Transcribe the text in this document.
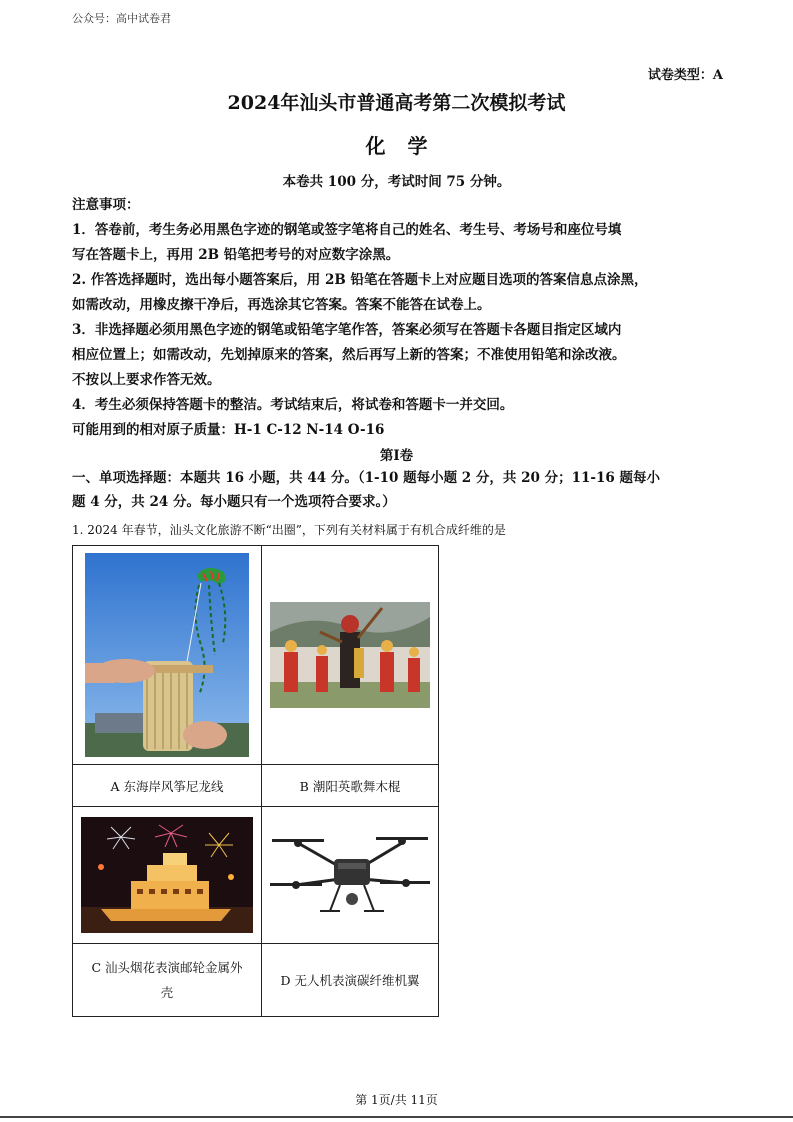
公众号：高中试卷君
试卷类型：A
2024年汕头市普通高考第二次模拟考试
化学
本卷共 100 分，考试时间 75 分钟。
注意事项：
1．答卷前，考生务必用黑色字迹的钢笔或签字笔将自己的姓名、考生号、考场号和座位号填
写在答题卡上，再用 2B 铅笔把考号的对应数字涂黑。
2. 作答选择题时，选出每小题答案后，用 2B 铅笔在答题卡上对应题目选项的答案信息点涂黑，
如需改动，用橡皮擦干净后，再选涂其它答案。答案不能答在试卷上。
3．非选择题必须用黑色字迹的钢笔或铅笔字笔作答，答案必须写在答题卡各题目指定区域内
相应位置上；如需改动，先划掉原来的答案，然后再写上新的答案；不准使用铅笔和涂改液。
不按以上要求作答无效。
4．考生必须保持答题卡的整洁。考试结束后，将试卷和答题卡一并交回。
可能用到的相对原子质量：H-1 C-12 N-14 O-16
第Ⅰ卷
一、单项选择题：本题共 16 小题，共 44 分。（1-10 题每小题 2 分，共 20 分；11-16 题每小
题 4 分，共 24 分。每小题只有一个选项符合要求。）
1. 2024 年春节，汕头文化旅游不断“出圈”，下列有关材料属于有机合成纤维的是

A 东海岸风筝尼龙线	B 潮阳英歌舞木棍

C 汕头烟花表演邮轮金属外
壳	D 无人机表演碳纤维机翼
第 1页/共 11页
